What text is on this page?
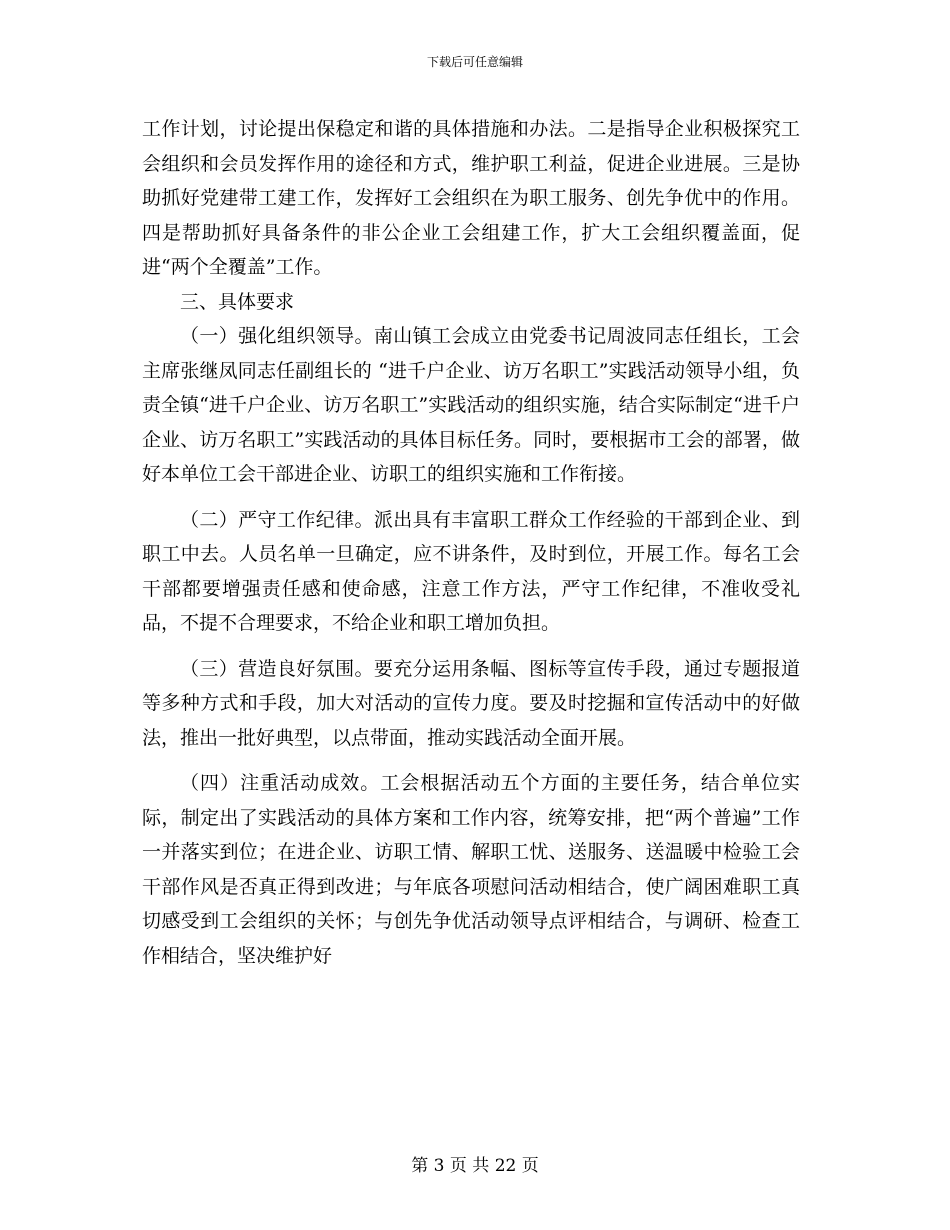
下载后可任意编辑

工作计划，讨论提出保稳定和谐的具体措施和办法。二是指导企业积极探究工会组织和会员发挥作用的途径和方式，维护职工利益，促进企业进展。三是协助抓好党建带工建工作，发挥好工会组织在为职工服务、创先争优中的作用。四是帮助抓好具备条件的非公企业工会组建工作，扩大工会组织覆盖面，促进“两个全覆盖”工作。

三、具体要求

（一）强化组织领导。南山镇工会成立由党委书记周波同志任组长，工会主席张继凤同志任副组长的 “进千户企业、访万名职工”实践活动领导小组，负责全镇“进千户企业、访万名职工”实践活动的组织实施，结合实际制定“进千户企业、访万名职工”实践活动的具体目标任务。同时，要根据市工会的部署，做好本单位工会干部进企业、访职工的组织实施和工作衔接。

（二）严守工作纪律。派出具有丰富职工群众工作经验的干部到企业、到职工中去。人员名单一旦确定，应不讲条件，及时到位，开展工作。每名工会干部都要增强责任感和使命感，注意工作方法，严守工作纪律，不准收受礼品，不提不合理要求，不给企业和职工增加负担。

（三）营造良好氛围。要充分运用条幅、图标等宣传手段，通过专题报道等多种方式和手段，加大对活动的宣传力度。要及时挖掘和宣传活动中的好做法，推出一批好典型，以点带面，推动实践活动全面开展。

（四）注重活动成效。工会根据活动五个方面的主要任务，结合单位实际，制定出了实践活动的具体方案和工作内容，统筹安排，把“两个普遍”工作一并落实到位；在进企业、访职工情、解职工忧、送服务、送温暖中检验工会干部作风是否真正得到改进；与年底各项慰问活动相结合，使广阔困难职工真切感受到工会组织的关怀；与创先争优活动领导点评相结合，与调研、检查工作相结合，坚决维护好

第 3 页 共 22 页
